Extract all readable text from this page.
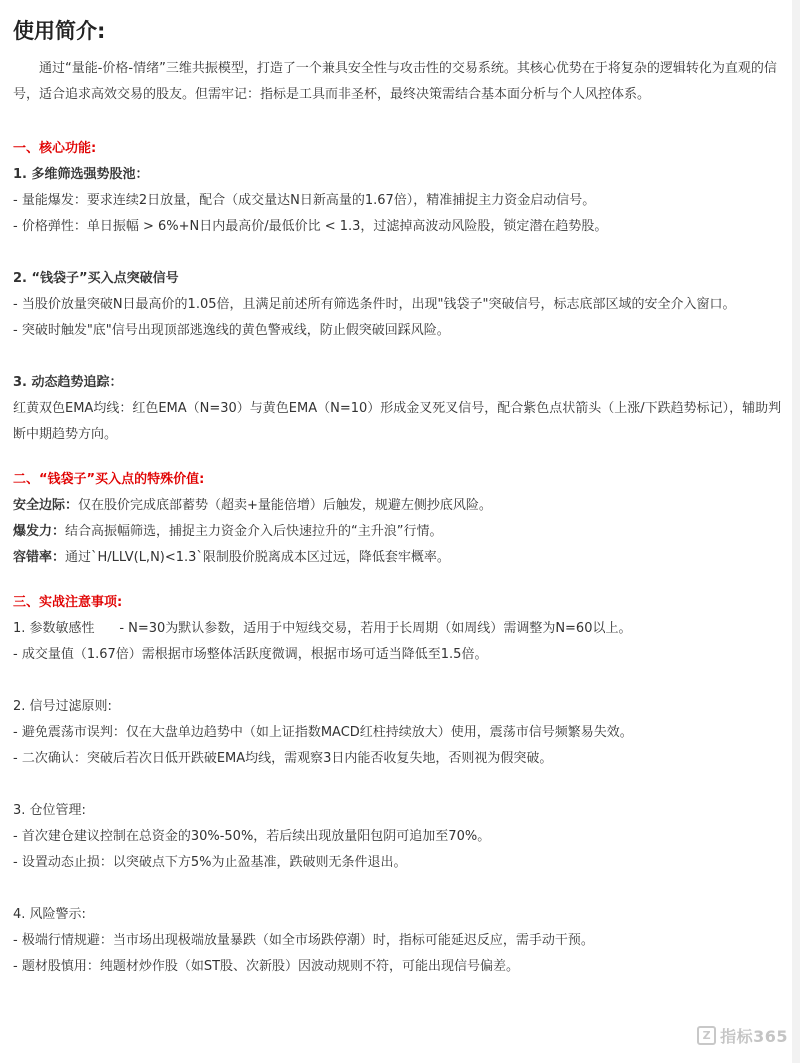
使用简介:

通过“量能-价格-情绪”三维共振模型，打造了一个兼具安全性与攻击性的交易系统。其核心优势在于将复杂的逻辑转化为直观的信号，适合追求高效交易的股友。但需牢记：指标是工具而非圣杯，最终决策需结合基本面分析与个人风控体系。

一、核心功能:
1. 多维筛选强势股池：
- 量能爆发：要求连续2日放量，配合（成交量达N日新高量的1.67倍），精准捕捉主力资金启动信号。
- 价格弹性：单日振幅 > 6%+N日内最高价/最低价比 < 1.3，过滤掉高波动风险股，锁定潜在趋势股。
2. “钱袋子”买入点突破信号
- 当股价放量突破N日最高价的1.05倍，且满足前述所有筛选条件时，出现"钱袋子"突破信号，标志底部区域的安全介入窗口。
- 突破时触发"底"信号出现顶部逃逸线的黄色警戒线，防止假突破回踩风险。
3. 动态趋势追踪：
红黄双色EMA均线：红色EMA（N=30）与黄色EMA（N=10）形成金叉死叉信号，配合紫色点状箭头（上涨/下跌趋势标记），辅助判断中期趋势方向。
二、“钱袋子”买入点的特殊价值:
安全边际：仅在股价完成底部蓄势（超卖+量能倍增）后触发，规避左侧抄底风险。
爆发力：结合高振幅筛选，捕捉主力资金介入后快速拉升的“主升浪”行情。
容错率：通过`H/LLV(L,N)<1.3`限制股价脱离成本区过远，降低套牢概率。
三、实战注意事项:
1. 参数敏感性      - N=30为默认参数，适用于中短线交易，若用于长周期（如周线）需调整为N=60以上。
- 成交量值（1.67倍）需根据市场整体活跃度微调，根据市场可适当降低至1.5倍。
2. 信号过滤原则:
- 避免震荡市误判：仅在大盘单边趋势中（如上证指数MACD红柱持续放大）使用，震荡市信号频繁易失效。
- 二次确认：突破后若次日低开跌破EMA均线，需观察3日内能否收复失地，否则视为假突破。
3. 仓位管理:
- 首次建仓建议控制在总资金的30%-50%，若后续出现放量阳包阴可追加至70%。
- 设置动态止损：以突破点下方5%为止盈基准，跌破则无条件退出。
4. 风险警示:
- 极端行情规避：当市场出现极端放量暴跌（如全市场跌停潮）时，指标可能延迟反应，需手动干预。
- 题材股慎用：纯题材炒作股（如ST股、次新股）因波动规则不符，可能出现信号偏差。
Z 指标365
